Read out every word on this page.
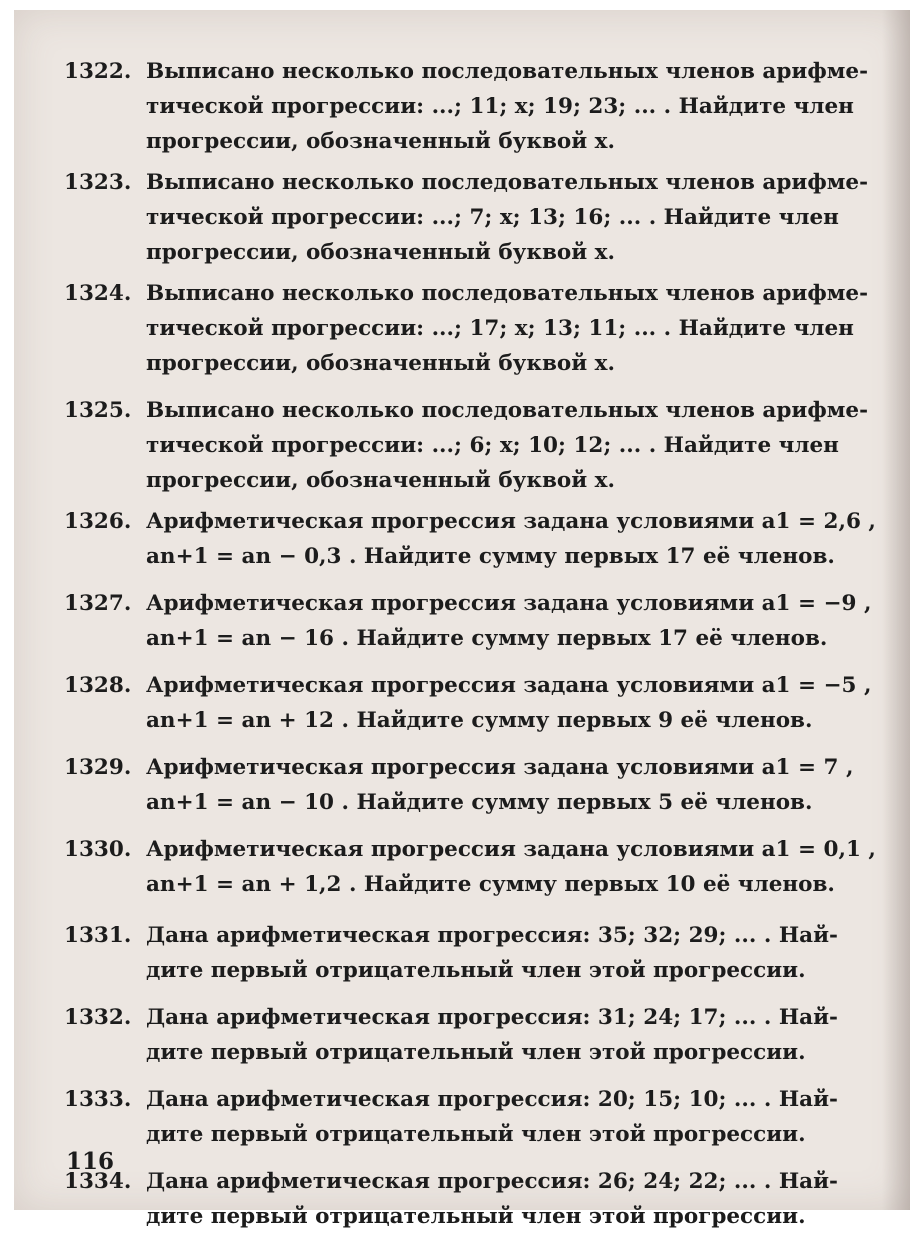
1322. Выписано несколько последовательных членов арифме-
тической прогрессии: ...; 11; x; 19; 23; ... . Найдите член
прогрессии, обозначенный буквой x.
1323. Выписано несколько последовательных членов арифме-
тической прогрессии: ...; 7; x; 13; 16; ... . Найдите член
прогрессии, обозначенный буквой x.
1324. Выписано несколько последовательных членов арифме-
тической прогрессии: ...; 17; x; 13; 11; ... . Найдите член
прогрессии, обозначенный буквой x.
1325. Выписано несколько последовательных членов арифме-
тической прогрессии: ...; 6; x; 10; 12; ... . Найдите член
прогрессии, обозначенный буквой x.
1326. Арифметическая прогрессия задана условиями a1 = 2,6 ,
an+1 = an − 0,3 . Найдите сумму первых 17 её членов.
1327. Арифметическая прогрессия задана условиями a1 = −9 ,
an+1 = an − 16 . Найдите сумму первых 17 её членов.
1328. Арифметическая прогрессия задана условиями a1 = −5 ,
an+1 = an + 12 . Найдите сумму первых 9 её членов.
1329. Арифметическая прогрессия задана условиями a1 = 7 ,
an+1 = an − 10 . Найдите сумму первых 5 её членов.
1330. Арифметическая прогрессия задана условиями a1 = 0,1 ,
an+1 = an + 1,2 . Найдите сумму первых 10 её членов.
1331. Дана арифметическая прогрессия: 35; 32; 29; ... . Най-
дите первый отрицательный член этой прогрессии.
1332. Дана арифметическая прогрессия: 31; 24; 17; ... . Най-
дите первый отрицательный член этой прогрессии.
1333. Дана арифметическая прогрессия: 20; 15; 10; ... . Най-
дите первый отрицательный член этой прогрессии.
1334. Дана арифметическая прогрессия: 26; 24; 22; ... . Най-
дите первый отрицательный член этой прогрессии.
116
